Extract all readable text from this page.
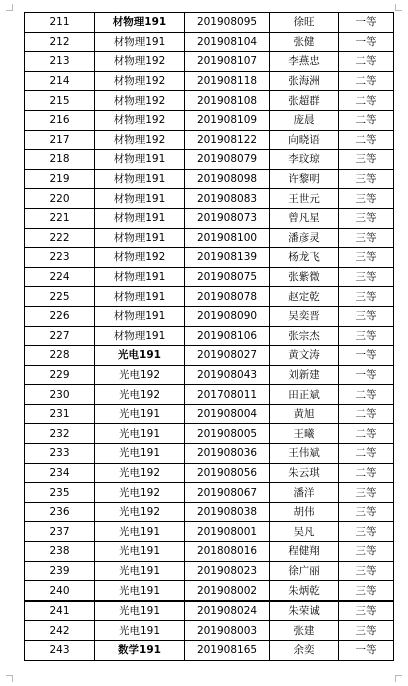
211	材物理191	201908095	徐旺	一等
212	材物理191	201908104	张健	一等
213	材物理192	201908107	李燕忠	二等
214	材物理192	201908118	张海洲	二等
215	材物理192	201908108	张超群	二等
216	材物理192	201908109	庞晨	二等
217	材物理192	201908122	向晓语	二等
218	材物理191	201908079	李玟琼	三等
219	材物理191	201908098	许黎明	三等
220	材物理191	201908083	王世元	三等
221	材物理191	201908073	曾凡星	三等
222	材物理191	201908100	潘彦灵	三等
223	材物理192	201908139	杨龙飞	三等
224	材物理191	201908075	张紫微	三等
225	材物理191	201908078	赵定乾	三等
226	材物理191	201908090	吴奕晋	三等
227	材物理191	201908106	张宗杰	三等
228	光电191	201908027	黄文涛	一等
229	光电192	201908043	刘新建	一等
230	光电192	201708011	田正斌	二等
231	光电191	201908004	黄旭	二等
232	光电191	201908005	王曦	二等
233	光电191	201908036	王伟斌	二等
234	光电192	201908056	朱云琪	二等
235	光电192	201908067	潘洋	三等
236	光电192	201908038	胡伟	三等
237	光电191	201908001	吴凡	三等
238	光电191	201808016	程健翔	三等
239	光电191	201908023	徐广丽	三等
240	光电191	201908002	朱炳乾	三等
241	光电191	201908024	朱荣诚	三等
242	光电191	201908003	张建	三等
243	数学191	201908165	余奕	一等
